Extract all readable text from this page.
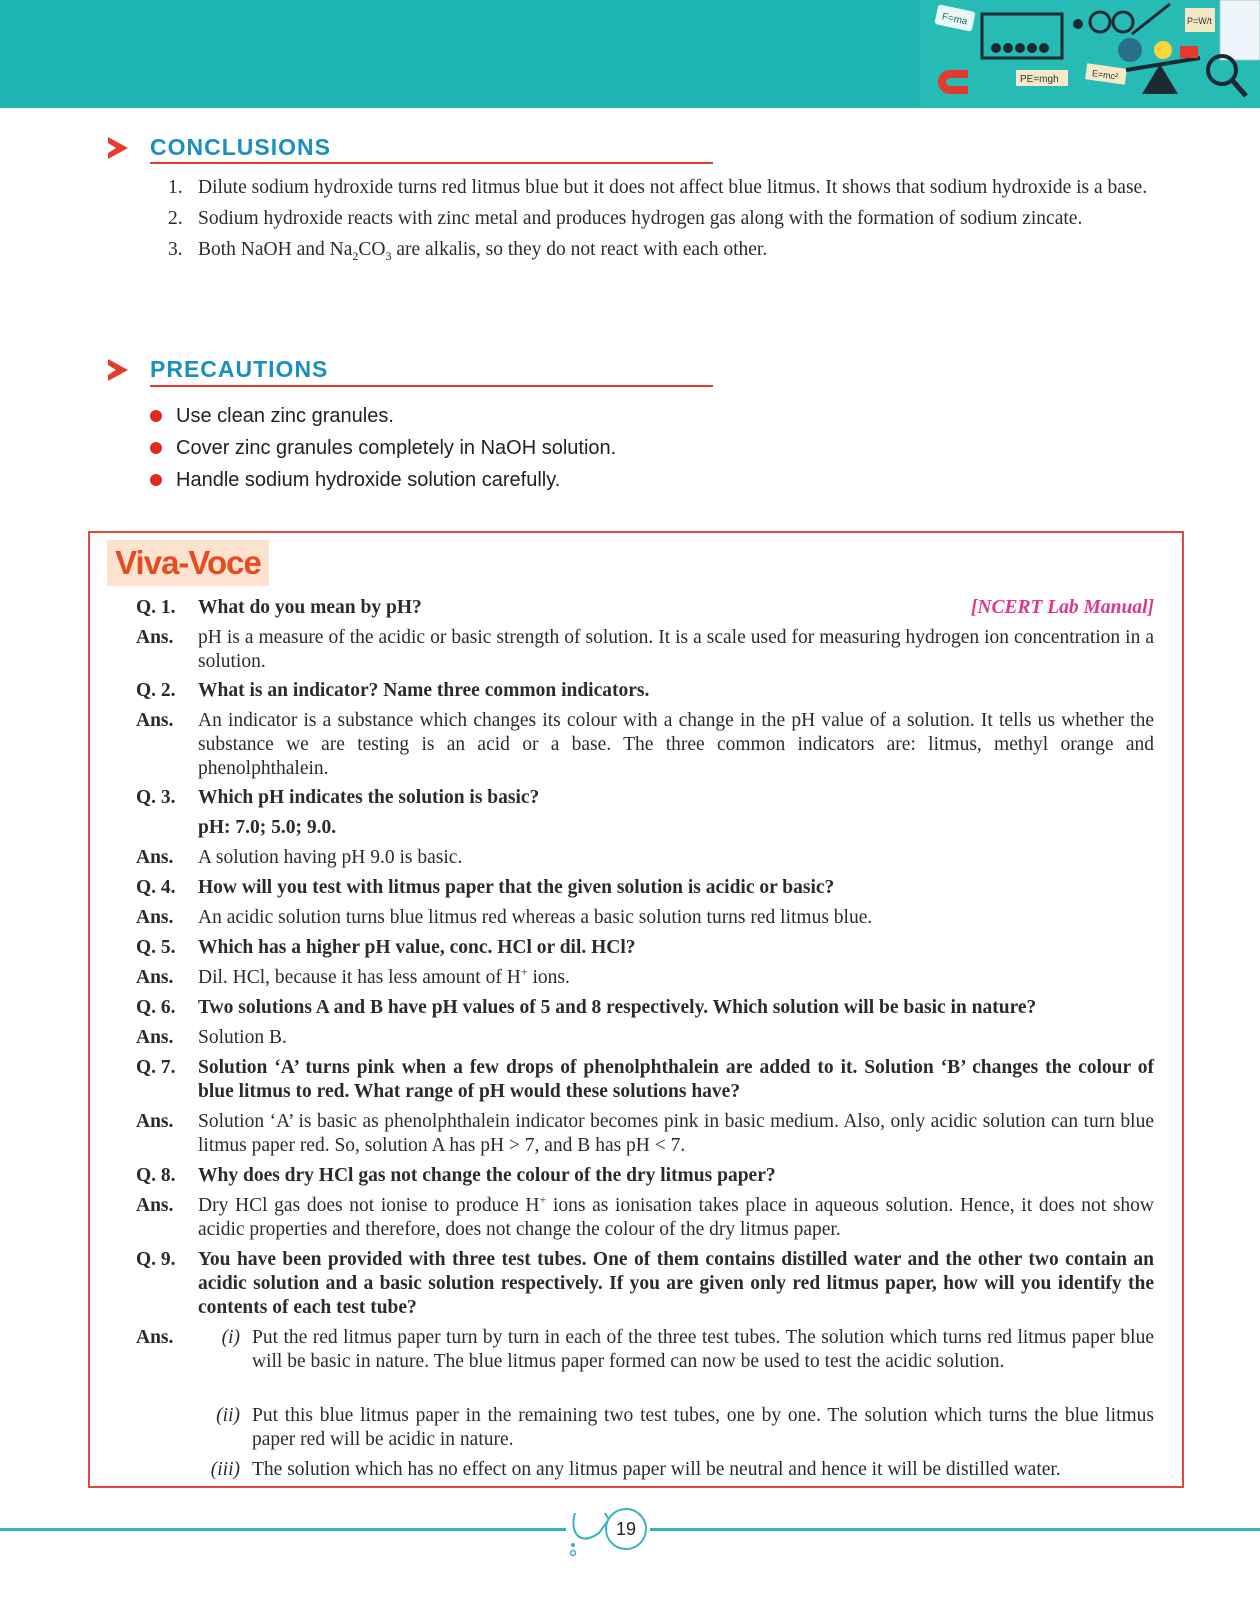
F=ma	P=W/t
PE=mgh	E=mc²
CONCLUSIONS
1. Dilute sodium hydroxide turns red litmus blue but it does not affect blue litmus. It shows that sodium hydroxide is a base.
2. Sodium hydroxide reacts with zinc metal and produces hydrogen gas along with the formation of sodium zincate.
3. Both NaOH and $Na_2CO_3$ are alkalis, so they do not react with each other.
PRECAUTIONS
Use clean zinc granules.
Cover zinc granules completely in NaOH solution.
Handle sodium hydroxide solution carefully.
Viva-Voce
Q. 1.	[NCERT Lab Manual]
What do you mean by pH?
Ans. pH is a measure of the acidic or basic strength of solution. It is a scale used for measuring hydrogen ion concentration in a solution.
Q. 2. What is an indicator? Name three common indicators.
Ans. An indicator is a substance which changes its colour with a change in the pH value of a solution. It tells us whether the substance we are testing is an acid or a base. The three common indicators are: litmus, methyl orange and phenolphthalein.
Q. 3. Which pH indicates the solution is basic?
pH: 7.0; 5.0; 9.0.
Ans. A solution having pH 9.0 is basic.
Q. 4. How will you test with litmus paper that the given solution is acidic or basic?
Ans. An acidic solution turns blue litmus red whereas a basic solution turns red litmus blue.
Q. 5. Which has a higher pH value, conc. HCl or dil. HCl?
Ans. Dil. HCl, because it has less amount of H+ ions.
Q. 6. Two solutions A and B have pH values of 5 and 8 respectively. Which solution will be basic in nature?
Ans. Solution B.
Q. 7. Solution ‘A’ turns pink when a few drops of phenolphthalein are added to it. Solution ‘B’ changes the colour of blue litmus to red. What range of pH would these solutions have?
Ans. Solution ‘A’ is basic as phenolphthalein indicator becomes pink in basic medium. Also, only acidic solution can turn blue litmus paper red. So, solution A has pH > 7, and B has pH < 7.
Q. 8. Why does dry HCl gas not change the colour of the dry litmus paper?
Ans. Dry HCl gas does not ionise to produce H+ ions as ionisation takes place in aqueous solution. Hence, it does not show acidic properties and therefore, does not change the colour of the dry litmus paper.
Q. 9. You have been provided with three test tubes. One of them contains distilled water and the other two contain an acidic solution and a basic solution respectively. If you are given only red litmus paper, how will you identify the contents of each test tube?
Ans.	(i) Put the red litmus paper turn by turn in each of the three test tubes. The solution which turns red litmus paper blue will be basic in nature. The blue litmus paper formed can now be used to test the acidic solution.
(ii) Put this blue litmus paper in the remaining two test tubes, one by one. The solution which turns the blue litmus paper red will be acidic in nature.
(iii) The solution which has no effect on any litmus paper will be neutral and hence it will be distilled water.
19
